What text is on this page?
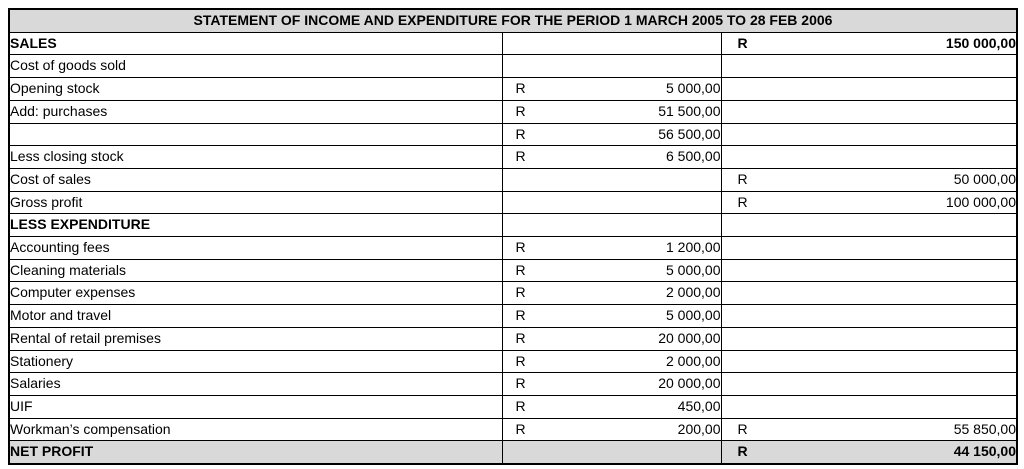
STATEMENT OF INCOME AND EXPENDITURE FOR THE PERIOD 1 MARCH 2005 TO 28 FEB 2006		
SALES		R 150 000,00
Cost of goods sold	

Opening stock	R 5 000,00	

Add: purchases	R 51 500,00	

	R 56 500,00	

Less closing stock	R 6 500,00	

Cost of sales		R 50 000,00
Gross profit		R 100 000,00
LESS EXPENDITURE	

Accounting fees	R 1 200,00	

Cleaning materials	R 5 000,00	

Computer expenses	R 2 000,00	

Motor and travel	R 5 000,00	

Rental of retail premises	R 20 000,00	

Stationery	R 2 000,00	

Salaries	R 20 000,00	

UIF	R 450,00	

Workman’s compensation	R 200,00	R 55 850,00
NET PROFIT		R 44 150,00
